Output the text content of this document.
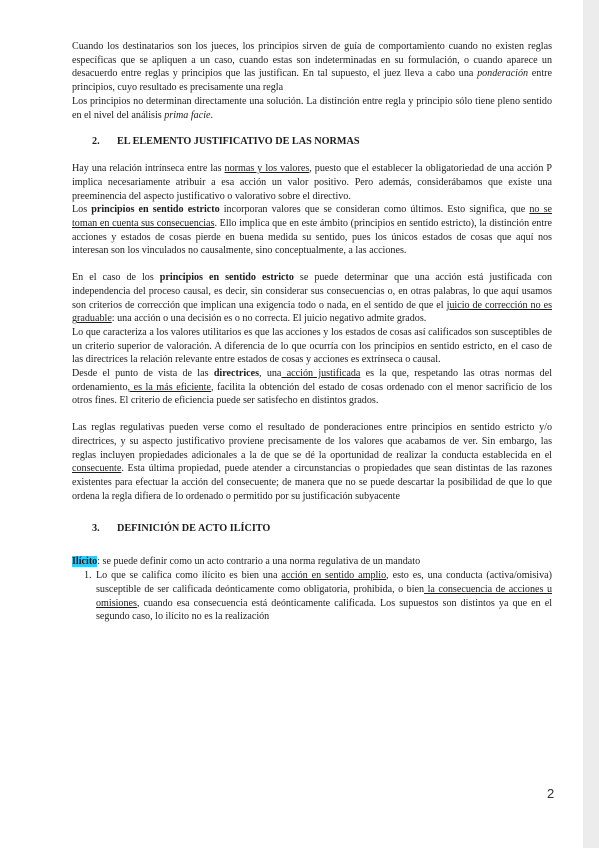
Cuando los destinatarios son los jueces, los principios sirven de guía de comportamiento cuando no existen reglas específicas que se apliquen a un caso, cuando estas son indeterminadas en su formulación, o cuando aparece un desacuerdo entre reglas y principios que las justifican. En tal supuesto, el juez lleva a cabo una ponderación entre principios, cuyo resultado es precisamente una regla

Los principios no determinan directamente una solución. La distinción entre regla y principio sólo tiene pleno sentido en el nivel del análisis prima facie.

2. EL ELEMENTO JUSTIFICATIVO DE LAS NORMAS

Hay una relación intrínseca entre las normas y los valores, puesto que el establecer la obligatoriedad de una acción P implica necesariamente atribuir a esa acción un valor positivo. Pero además, considerábamos que existe una preeminencia del aspecto justificativo o valorativo sobre el directivo.

Los principios en sentido estricto incorporan valores que se consideran como últimos. Esto significa, que no se toman en cuenta sus consecuencias. Ello implica que en este ámbito (principios en sentido estricto), la distinción entre acciones y estados de cosas pierde en buena medida su sentido, pues los únicos estados de cosas que aquí nos interesan son los vinculados no causalmente, sino conceptualmente, a las acciones.

En el caso de los principios en sentido estricto se puede determinar que una acción está justificada con independencia del proceso causal, es decir, sin considerar sus consecuencias o, en otras palabras, lo que aquí usamos son criterios de corrección que implican una exigencia todo o nada, en el sentido de que el juicio de corrección no es graduable: una acción o una decisión es o no correcta. El juicio negativo admite grados.

Lo que caracteriza a los valores utilitarios es que las acciones y los estados de cosas así calificados son susceptibles de un criterio superior de valoración. A diferencia de lo que ocurría con los principios en sentido estricto, en el caso de las directrices la relación relevante entre estados de cosas y acciones es extrínseca o causal.

Desde el punto de vista de las directrices, una acción justificada es la que, respetando las otras normas del ordenamiento, es la más eficiente, facilita la obtención del estado de cosas ordenado con el menor sacrificio de los otros fines. El criterio de eficiencia puede ser satisfecho en distintos grados.

Las reglas regulativas pueden verse como el resultado de ponderaciones entre principios en sentido estricto y/o directrices, y su aspecto justificativo proviene precisamente de los valores que acabamos de ver. Sin embargo, las reglas incluyen propiedades adicionales a la de que se dé la oportunidad de realizar la conducta establecida en el consecuente. Esta última propiedad, puede atender a circunstancias o propiedades que sean distintas de las razones existentes para efectuar la acción del consecuente; de manera que no se puede descartar la posibilidad de que lo que ordena la regla difiera de lo ordenado o permitido por su justificación subyacente

3. DEFINICIÓN DE ACTO ILÍCITO

Ilícito: se puede definir como un acto contrario a una norma regulativa de un mandato

1. Lo que se califica como ilícito es bien una acción en sentido amplio, esto es, una conducta (activa/omisiva) susceptible de ser calificada deónticamente como obligatoria, prohibida, o bien la consecuencia de acciones u omisiones, cuando esa consecuencia está deónticamente calificada. Los supuestos son distintos ya que en el segundo caso, lo ilícito no es la realización
2
